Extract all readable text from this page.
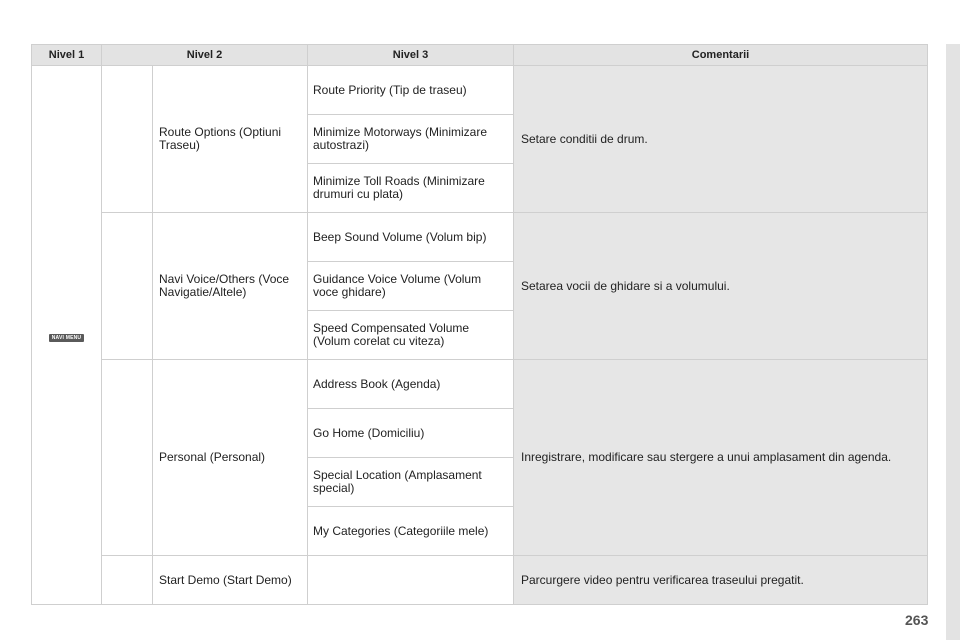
Nivel 1	Nivel 2		Nivel 3	Comentarii
NAVI MENU		Route Options (Optiuni Traseu)	Route Priority (Tip de traseu)	Setare conditii de drum.
			Minimize Motorways (Minimizare autostrazi)	
			Minimize Toll Roads (Minimizare drumuri cu plata)	
		Navi Voice/Others (Voce Navigatie/Altele)	Beep Sound Volume (Volum bip)	Setarea vocii de ghidare si a volumului.
			Guidance Voice Volume (Volum voce ghidare)	
			Speed Compensated Volume (Volum corelat cu viteza)	
		Personal (Personal)	Address Book (Agenda)	Inregistrare, modificare sau stergere a unui amplasament din agenda.
			Go Home (Domiciliu)	
			Special Location (Amplasament special)	
			My Categories (Categoriile mele)	
		Start Demo (Start Demo)		Parcurgere video pentru verificarea traseului pregatit.
263
